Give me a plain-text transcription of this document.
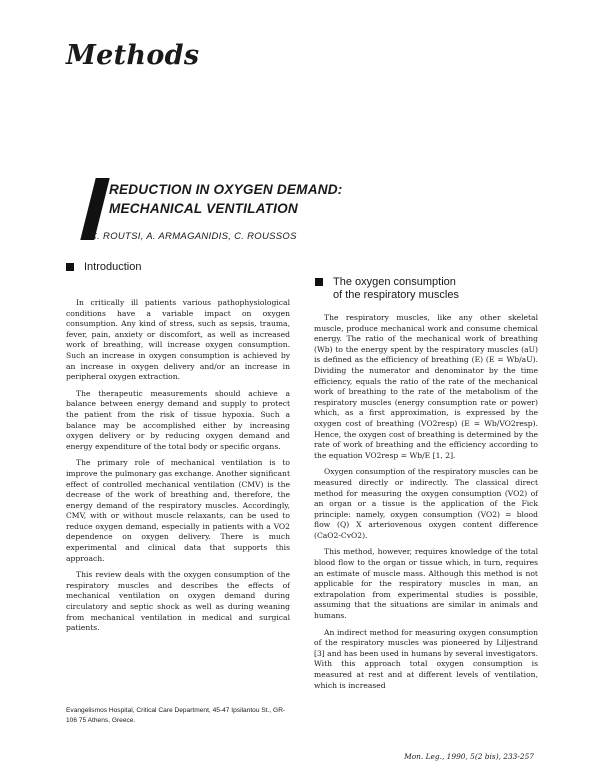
Methods
REDUCTION IN OXYGEN DEMAND:
MECHANICAL VENTILATION
C. ROUTSI, A. ARMAGANIDIS, C. ROUSSOS
Introduction

In critically ill patients various pathophysiological conditions have a variable impact on oxygen consumption. Any kind of stress, such as sepsis, trauma, fever, pain, anxiety or discomfort, as well as increased work of breathing, will increase oxygen consumption. Such an increase in oxygen consumption is achieved by an increase in oxygen delivery and/or an increase in peripheral oxygen extraction.

The therapeutic measurements should achieve a balance between energy demand and supply to protect the patient from the risk of tissue hypoxia. Such a balance may be accomplished either by increasing oxygen delivery or by reducing oxygen demand and energy expenditure of the total body or specific organs.

The primary role of mechanical ventilation is to improve the pulmonary gas exchange. Another significant effect of controlled mechanical ventilation (CMV) is the decrease of the work of breathing and, therefore, the energy demand of the respiratory muscles. Accordingly, CMV, with or without muscle relaxants, can be used to reduce oxygen demand, especially in patients with a VO2 dependence on oxygen delivery. There is much experimental and clinical data that supports this approach.

This review deals with the oxygen consumption of the respiratory muscles and describes the effects of mechanical ventilation on oxygen demand during circulatory and septic shock as well as during weaning from mechanical ventilation in medical and surgical patients.

Evangelismos Hospital, Critical Care Department, 45-47 Ipsilantou St., GR-106 75 Athens, Greece.
The oxygen consumption
of the respiratory muscles

The respiratory muscles, like any other skeletal muscle, produce mechanical work and consume chemical energy. The ratio of the mechanical work of breathing (Wb) to the energy spent by the respiratory muscles (aU) is defined as the efficiency of breathing (E) (E = Wb/aU). Dividing the numerator and denominator by the time efficiency, equals the ratio of the rate of the mechanical work of breathing to the rate of the metabolism of the respiratory muscles (energy consumption rate or power) which, as a first approximation, is expressed by the oxygen cost of breathing (VO2resp) (E = Wb/VO2resp). Hence, the oxygen cost of breathing is determined by the rate of work of breathing and the efficiency according to the equation VO2resp = Wb/E [1, 2].

Oxygen consumption of the respiratory muscles can be measured directly or indirectly. The classical direct method for measuring the oxygen consumption (VO2) of an organ or a tissue is the application of the Fick principle: namely, oxygen consumption (VO2) = blood flow (Q) X arteriovenous oxygen content difference (CaO2-CvO2).

This method, however, requires knowledge of the total blood flow to the organ or tissue which, in turn, requires an estimate of muscle mass. Although this method is not applicable for the respiratory muscles in man, an extrapolation from experimental studies is possible, assuming that the situations are similar in animals and humans.

An indirect method for measuring oxygen consumption of the respiratory muscles was pioneered by Liljestrand [3] and has been used in humans by several investigators. With this approach total oxygen consumption is measured at rest and at different levels of ventilation, which is increased

Mon. Leg., 1990, 5(2 bis), 233-257
